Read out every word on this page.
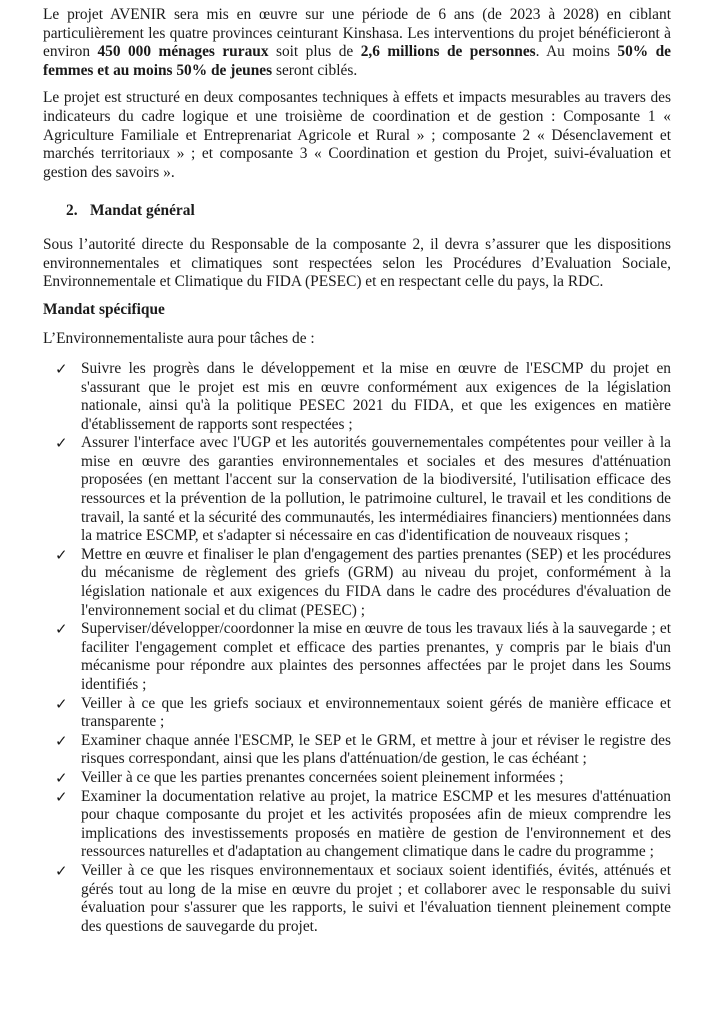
Le projet AVENIR sera mis en œuvre sur une période de 6 ans (de 2023 à 2028) en ciblant particulièrement les quatre provinces ceinturant Kinshasa. Les interventions du projet bénéficieront à environ 450 000 ménages ruraux soit plus de 2,6 millions de personnes. Au moins 50% de femmes et au moins 50% de jeunes seront ciblés.

Le projet est structuré en deux composantes techniques à effets et impacts mesurables au travers des indicateurs du cadre logique et une troisième de coordination et de gestion : Composante 1 « Agriculture Familiale et Entreprenariat Agricole et Rural » ; composante 2 « Désenclavement et marchés territoriaux » ; et composante 3 « Coordination et gestion du Projet, suivi-évaluation et gestion des savoirs ».

2. Mandat général

Sous l’autorité directe du Responsable de la composante 2, il devra s’assurer que les dispositions environnementales et climatiques sont respectées selon les Procédures d’Evaluation Sociale, Environnementale et Climatique du FIDA (PESEC) et en respectant celle du pays, la RDC.

Mandat spécifique

L’Environnementaliste aura pour tâches de :

✓ Suivre les progrès dans le développement et la mise en œuvre de l'ESCMP du projet en s'assurant que le projet est mis en œuvre conformément aux exigences de la législation nationale, ainsi qu'à la politique PESEC 2021 du FIDA, et que les exigences en matière d'établissement de rapports sont respectées ;
✓ Assurer l'interface avec l'UGP et les autorités gouvernementales compétentes pour veiller à la mise en œuvre des garanties environnementales et sociales et des mesures d'atténuation proposées (en mettant l'accent sur la conservation de la biodiversité, l'utilisation efficace des ressources et la prévention de la pollution, le patrimoine culturel, le travail et les conditions de travail, la santé et la sécurité des communautés, les intermédiaires financiers) mentionnées dans la matrice ESCMP, et s'adapter si nécessaire en cas d'identification de nouveaux risques ;
✓ Mettre en œuvre et finaliser le plan d'engagement des parties prenantes (SEP) et les procédures du mécanisme de règlement des griefs (GRM) au niveau du projet, conformément à la législation nationale et aux exigences du FIDA dans le cadre des procédures d'évaluation de l'environnement social et du climat (PESEC) ;
✓ Superviser/développer/coordonner la mise en œuvre de tous les travaux liés à la sauvegarde ; et faciliter l'engagement complet et efficace des parties prenantes, y compris par le biais d'un mécanisme pour répondre aux plaintes des personnes affectées par le projet dans les Soums identifiés ;
✓ Veiller à ce que les griefs sociaux et environnementaux soient gérés de manière efficace et transparente ;
✓ Examiner chaque année l'ESCMP, le SEP et le GRM, et mettre à jour et réviser le registre des risques correspondant, ainsi que les plans d'atténuation/de gestion, le cas échéant ;
✓ Veiller à ce que les parties prenantes concernées soient pleinement informées ;
✓ Examiner la documentation relative au projet, la matrice ESCMP et les mesures d'atténuation pour chaque composante du projet et les activités proposées afin de mieux comprendre les implications des investissements proposés en matière de gestion de l'environnement et des ressources naturelles et d'adaptation au changement climatique dans le cadre du programme ;
✓ Veiller à ce que les risques environnementaux et sociaux soient identifiés, évités, atténués et gérés tout au long de la mise en œuvre du projet ; et collaborer avec le responsable du suivi évaluation pour s'assurer que les rapports, le suivi et l'évaluation tiennent pleinement compte des questions de sauvegarde du projet.
